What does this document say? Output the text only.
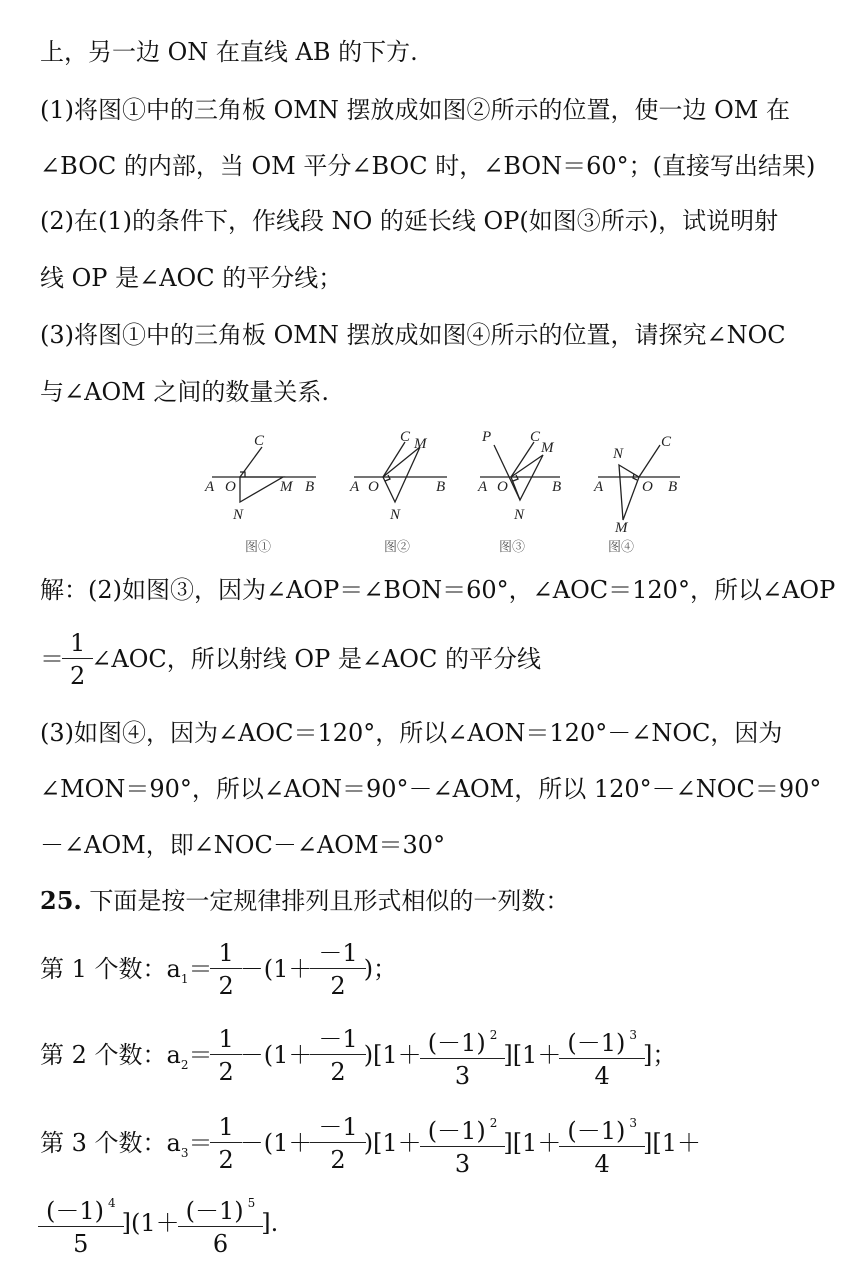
上，另一边 ON 在直线 AB 的下方.
(1)将图①中的三角板 OMN 摆放成如图②所示的位置，使一边 OM 在
∠BOC 的内部，当 OM 平分∠BOC 时，∠BON＝60°；(直接写出结果)
(2)在(1)的条件下，作线段 NO 的延长线 OP(如图③所示)，试说明射
线 OP 是∠AOC 的平分线；
(3)将图①中的三角板 OMN 摆放成如图④所示的位置，请探究∠NOC
与∠AOM 之间的数量关系.
A O	M B
N
C
图①
A O	B
N
C M
图②
A O	B
N
P	C
M
图③
A	O B
N
C
M
图④
解：(2)如图③，因为∠AOP＝∠BON＝60°，∠AOC＝120°，所以∠AOP
＝ $\frac{1}{2}$ ∠AOC，所以射线 OP 是∠AOC 的平分线
(3)如图④，因为∠AOC＝120°，所以∠AON＝120°－∠NOC，因为
∠MON＝90°，所以∠AON＝90°－∠AOM，所以 120°－∠NOC＝90°
－∠AOM，即∠NOC－∠AOM＝30°
25. 下面是按一定规律排列且形式相似的一列数：
第 1 个数：$a_1= \frac{1}{2} -(1+ \frac{-1}{2}$ )；
第 2 个数：$a_2= \frac{1}{2} -(1+ \frac{-1}{2} )[1+ \frac{(-1) ^2}{3} ][1+ \frac{(-1) ^3}{4}$ ]；
第 3 个数：$a_3= \frac{1}{2} -(1+ \frac{-1}{2} )[1+ \frac{(-1) ^2}{3} ][1+ \frac{(-1) ^3}{4} ][1+$
$\frac{(-1) ^4}{5} ](1+ \frac{(-1) ^5}{6}$ ].
